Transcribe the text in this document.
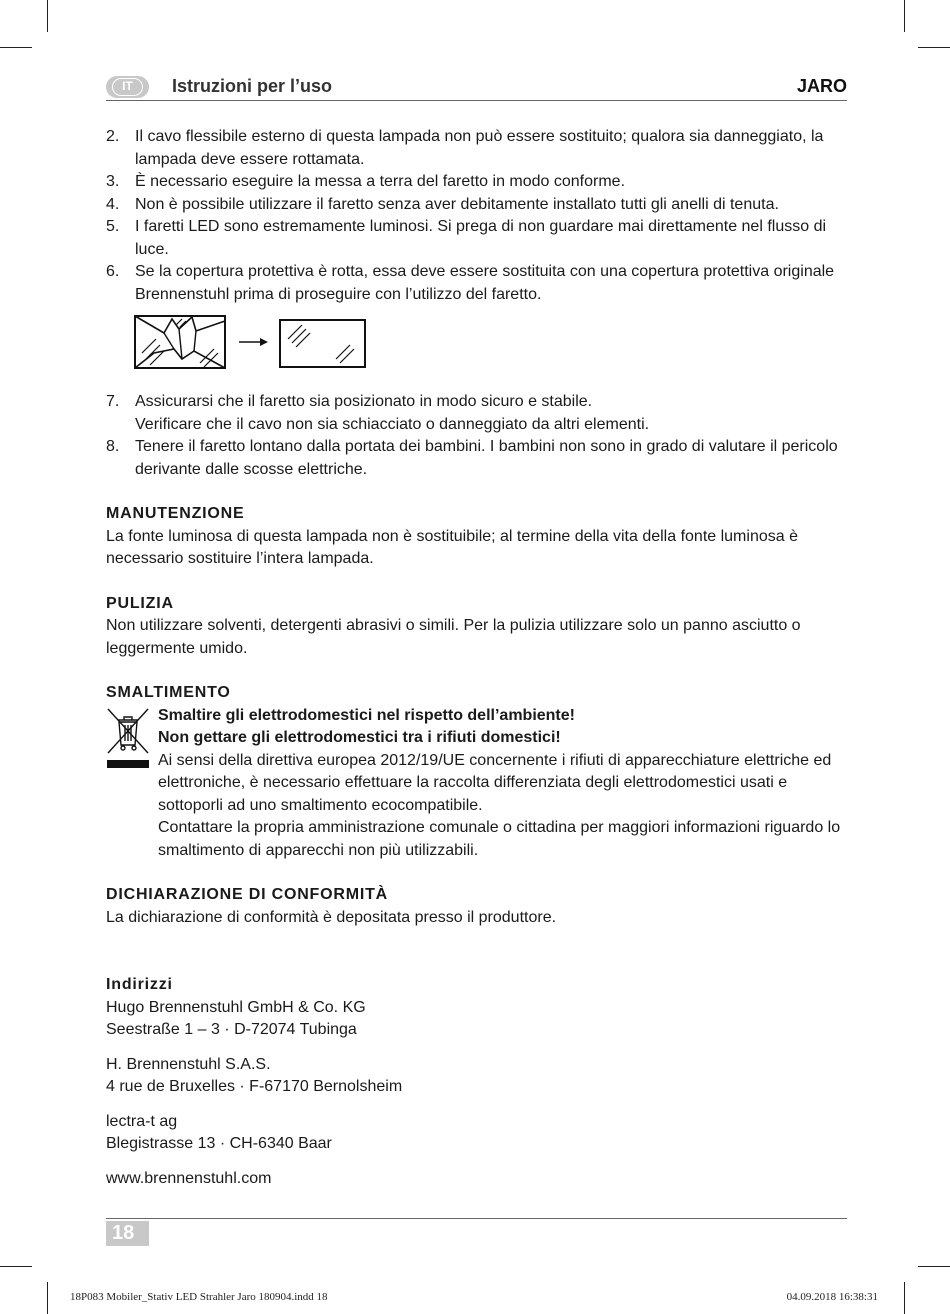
IT	Istruzioni per l’uso	JARO
2. Il cavo flessibile esterno di questa lampada non può essere sostituito; qualora sia danneggiato, la lampada deve essere rottamata.
3. È necessario eseguire la messa a terra del faretto in modo conforme.
4. Non è possibile utilizzare il faretto senza aver debitamente installato tutti gli anelli di tenuta.
5. I faretti LED sono estremamente luminosi. Si prega di non guardare mai direttamente nel flusso di luce.
6. Se la copertura protettiva è rotta, essa deve essere sostituita con una copertura protettiva originale Brennenstuhl prima di proseguire con l’utilizzo del faretto.
7. Assicurarsi che il faretto sia posizionato in modo sicuro e stabile.
Verificare che il cavo non sia schiacciato o danneggiato da altri elementi.
8. Tenere il faretto lontano dalla portata dei bambini. I bambini non sono in grado di valutare il pericolo derivante dalle scosse elettriche.
MANUTENZIONE
La fonte luminosa di questa lampada non è sostituibile; al termine della vita della fonte luminosa è necessario sostituire l’intera lampada.
PULIZIA
Non utilizzare solventi, detergenti abrasivi o simili. Per la pulizia utilizzare solo un panno asciutto o leggermente umido.
SMALTIMENTO
Smaltire gli elettrodomestici nel rispetto dell’ambiente!
Non gettare gli elettrodomestici tra i rifiuti domestici!
Ai sensi della direttiva europea 2012/19/UE concernente i rifiuti di apparecchiature elettriche ed elettroniche, è necessario effettuare la raccolta differenziata degli elettrodomestici usati e sottoporli ad uno smaltimento ecocompatibile.
Contattare la propria amministrazione comunale o cittadina per maggiori informazioni riguardo lo smaltimento di apparecchi non più utilizzabili.
DICHIARAZIONE DI CONFORMITÀ
La dichiarazione di conformità è depositata presso il produttore.
Indirizzi
Hugo Brennenstuhl GmbH & Co. KG
Seestraße 1 – 3 · D-72074 Tubinga
H. Brennenstuhl S.A.S.
4 rue de Bruxelles · F-67170 Bernolsheim
lectra-t ag
Blegistrasse 13 · CH-6340 Baar
www.brennenstuhl.com
18
18P083 Mobiler_Stativ LED Strahler Jaro 180904.indd 18	04.09.2018 16:38:31
